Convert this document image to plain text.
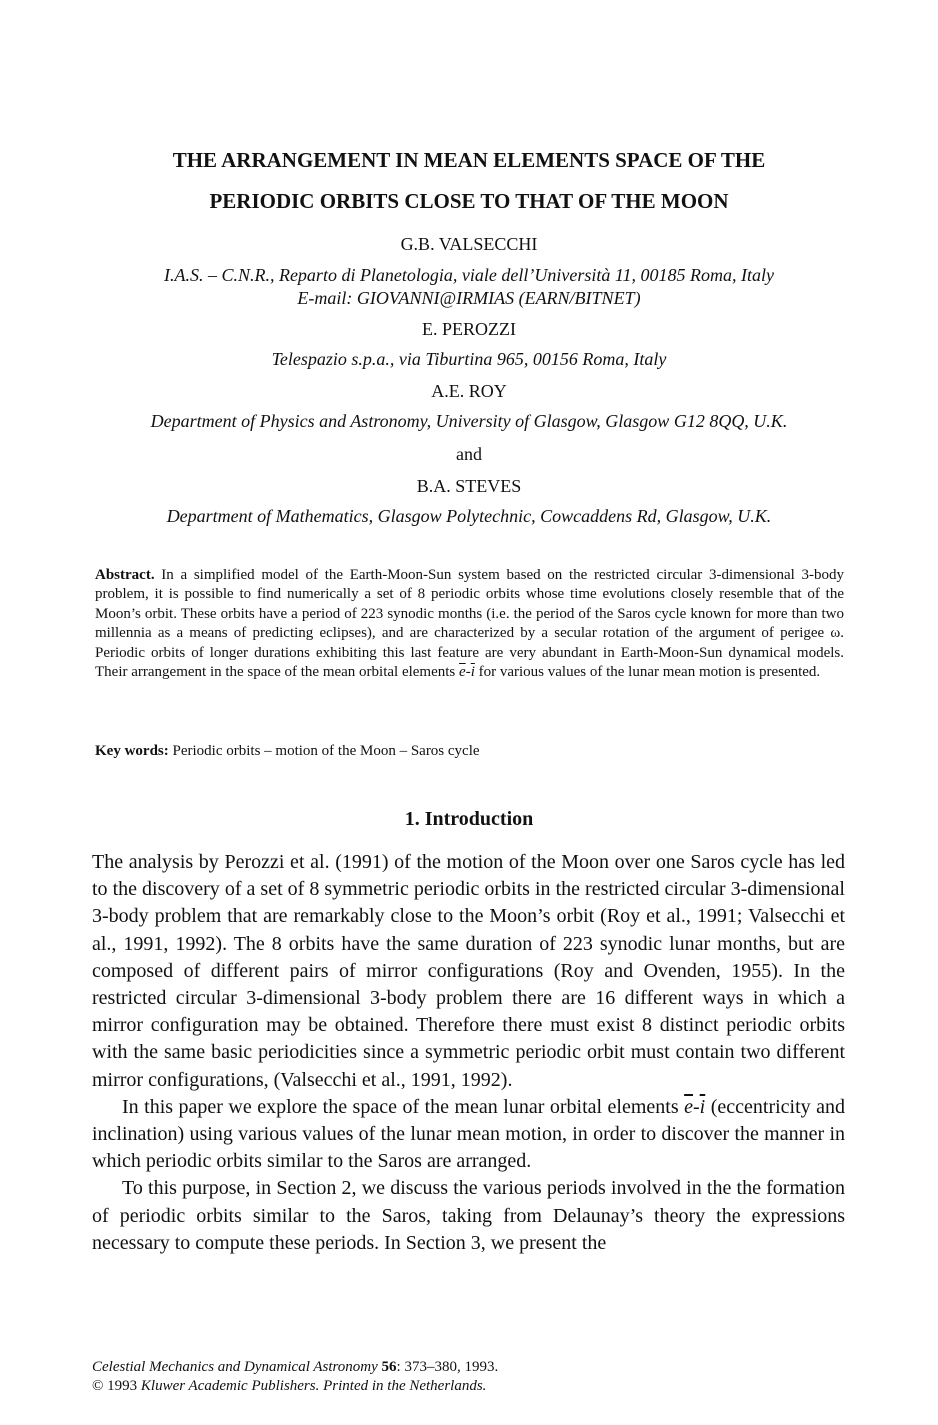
THE ARRANGEMENT IN MEAN ELEMENTS SPACE OF THE
PERIODIC ORBITS CLOSE TO THAT OF THE MOON
G.B. VALSECCHI
I.A.S. – C.N.R., Reparto di Planetologia, viale dell’Università 11, 00185 Roma, Italy
E-mail: GIOVANNI@IRMIAS (EARN/BITNET)
E. PEROZZI
Telespazio s.p.a., via Tiburtina 965, 00156 Roma, Italy
A.E. ROY
Department of Physics and Astronomy, University of Glasgow, Glasgow G12 8QQ, U.K.
and
B.A. STEVES
Department of Mathematics, Glasgow Polytechnic, Cowcaddens Rd, Glasgow, U.K.

Abstract. In a simplified model of the Earth-Moon-Sun system based on the restricted circular 3-dimensional 3-body problem, it is possible to find numerically a set of 8 periodic orbits whose time evolutions closely resemble that of the Moon’s orbit. These orbits have a period of 223 synodic months (i.e. the period of the Saros cycle known for more than two millennia as a means of predicting eclipses), and are characterized by a secular rotation of the argument of perigee ω. Periodic orbits of longer durations exhibiting this last feature are very abundant in Earth-Moon-Sun dynamical models. Their arrangement in the space of the mean orbital elements $\overline{e}-\overline{i}$ for various values of the lunar mean motion is presented.

Key words: Periodic orbits – motion of the Moon – Saros cycle

1. Introduction

The analysis by Perozzi et al. (1991) of the motion of the Moon over one Saros cycle has led to the discovery of a set of 8 symmetric periodic orbits in the restricted circular 3-dimensional 3-body problem that are remarkably close to the Moon’s orbit (Roy et al., 1991; Valsecchi et al., 1991, 1992). The 8 orbits have the same duration of 223 synodic lunar months, but are composed of different pairs of mirror configurations (Roy and Ovenden, 1955). In the restricted circular 3-dimensional 3-body problem there are 16 different ways in which a mirror configuration may be obtained. Therefore there must exist 8 distinct periodic orbits with the same basic periodicities since a symmetric periodic orbit must contain two different mirror configurations, (Valsecchi et al., 1991, 1992).

In this paper we explore the space of the mean lunar orbital elements $\overline{e}-\overline{i}$ (eccentricity and inclination) using various values of the lunar mean motion, in order to discover the manner in which periodic orbits similar to the Saros are arranged.

To this purpose, in Section 2, we discuss the various periods involved in the the formation of periodic orbits similar to the Saros, taking from Delaunay’s theory the expressions necessary to compute these periods. In Section 3, we present the

Celestial Mechanics and Dynamical Astronomy 56: 373–380, 1993.
© 1993 Kluwer Academic Publishers. Printed in the Netherlands.
